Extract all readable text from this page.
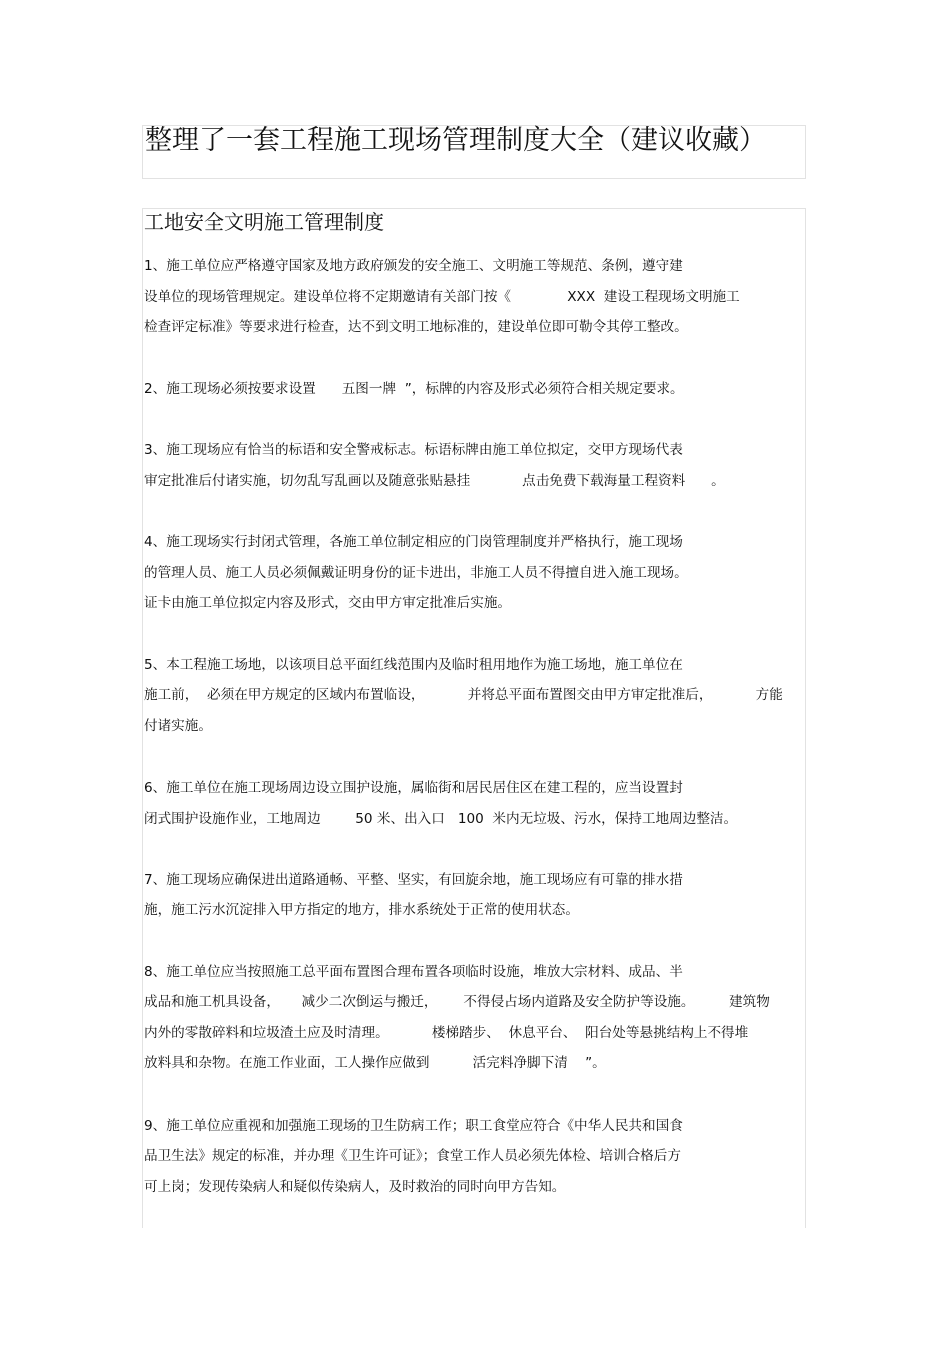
整理了一套工程施工现场管理制度大全（建议收藏）
工地安全文明施工管理制度
1、施工单位应严格遵守国家及地方政府颁发的安全施工、文明施工等规范、条例，遵守建
设单位的现场管理规定。建设单位将不定期邀请有关部门按《             XXX  建设工程现场文明施工
检查评定标准》等要求进行检查，达不到文明工地标准的，建设单位即可勒令其停工整改。
2、施工现场必须按要求设置      五图一牌  ”，标牌的内容及形式必须符合相关规定要求。
3、施工现场应有恰当的标语和安全警戒标志。标语标牌由施工单位拟定，交甲方现场代表
审定批准后付诸实施，切勿乱写乱画以及随意张贴悬挂            点击免费下载海量工程资料      。
4、施工现场实行封闭式管理，各施工单位制定相应的门岗管理制度并严格执行，施工现场
的管理人员、施工人员必须佩戴证明身份的证卡进出，非施工人员不得擅自进入施工现场。
证卡由施工单位拟定内容及形式，交由甲方审定批准后实施。
5、本工程施工场地，以该项目总平面红线范围内及临时租用地作为施工场地，施工单位在
施工前，  必须在甲方规定的区域内布置临设，          并将总平面布置图交由甲方审定批准后，          方能
付诸实施。
6、施工单位在施工现场周边设立围护设施，属临街和居民居住区在建工程的，应当设置封
闭式围护设施作业，工地周边        50 米、出入口   100  米内无垃圾、污水，保持工地周边整洁。
7、施工现场应确保进出道路通畅、平整、坚实，有回旋余地，施工现场应有可靠的排水措
施，施工污水沉淀排入甲方指定的地方，排水系统处于正常的使用状态。
8、施工单位应当按照施工总平面布置图合理布置各项临时设施，堆放大宗材料、成品、半
成品和施工机具设备，     减少二次倒运与搬迁，      不得侵占场内道路及安全防护等设施。        建筑物
内外的零散碎料和垃圾渣土应及时清理。          楼梯踏步、  休息平台、  阳台处等悬挑结构上不得堆
放料具和杂物。在施工作业面，工人操作应做到          活完料净脚下清    ”。
9、施工单位应重视和加强施工现场的卫生防病工作；职工食堂应符合《中华人民共和国食
品卫生法》规定的标准，并办理《卫生许可证》；食堂工作人员必须先体检、培训合格后方
可上岗；发现传染病人和疑似传染病人，及时救治的同时向甲方告知。
